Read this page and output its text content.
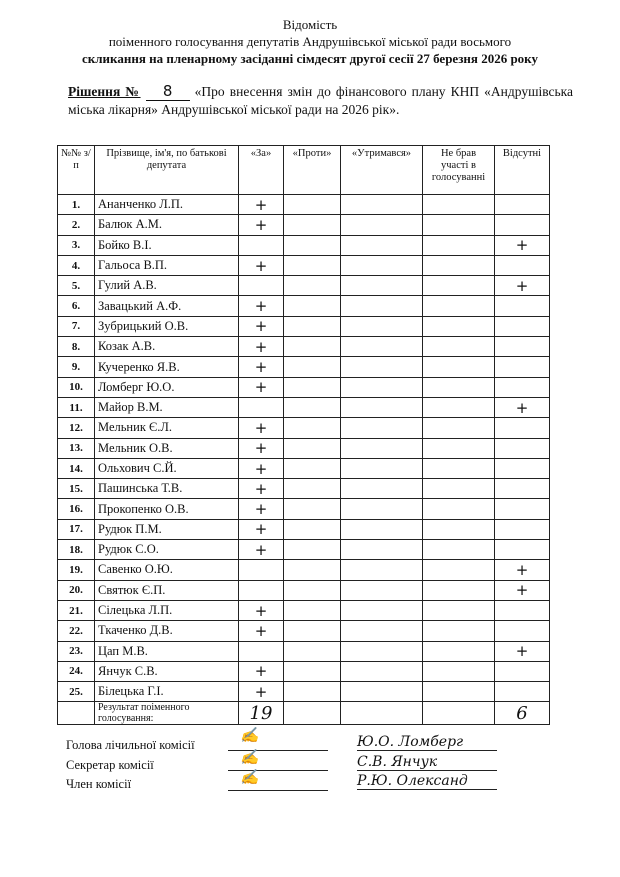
Відомість
поіменного голосування депутатів Андрушівської міської ради восьмого
скликання на пленарному засіданні сімдесят другої сесії 27 березня 2026 року
Рішення № 8 «Про внесення змін до фінансового плану КНП «Андрушівська міська лікарня» Андрушівської міської ради на 2026 рік».
№№ з/п	Прізвище, ім'я, по батькові депутата	«За»	«Проти»	«Утримався»	Не брав участі в голосуванні	Відсутні
1.	Ананченко Л.П.	+				
2.	Балюк А.М.	+				
3.	Бойко В.І.					+
4.	Гальоса В.П.	+				
5.	Гулий А.В.					+
6.	Завацький А.Ф.	+				
7.	Зубрицький О.В.	+				
8.	Козак А.В.	+				
9.	Кучеренко Я.В.	+				
10.	Ломберг Ю.О.	+				
11.	Майор В.М.					+
12.	Мельник Є.Л.	+				
13.	Мельник О.В.	+				
14.	Ольхович С.Й.	+				
15.	Пашинська Т.В.	+				
16.	Прокопенко О.В.	+				
17.	Рудюк П.М.	+				
18.	Рудюк С.О.	+				
19.	Савенко О.Ю.					+
20.	Святюк Є.П.					+
21.	Сілецька Л.П.	+				
22.	Ткаченко Д.В.	+				
23.	Цап М.В.					+
24.	Янчук С.В.	+				
25.	Білецька Г.І.	+				
	Результат поіменного голосування:	19				6
Голова лічильної комісії
✍	Ю.О. Ломберг
Секретар комісії	✍	С.В. Янчук
Член комісії	✍	Р.Ю. Олександ
